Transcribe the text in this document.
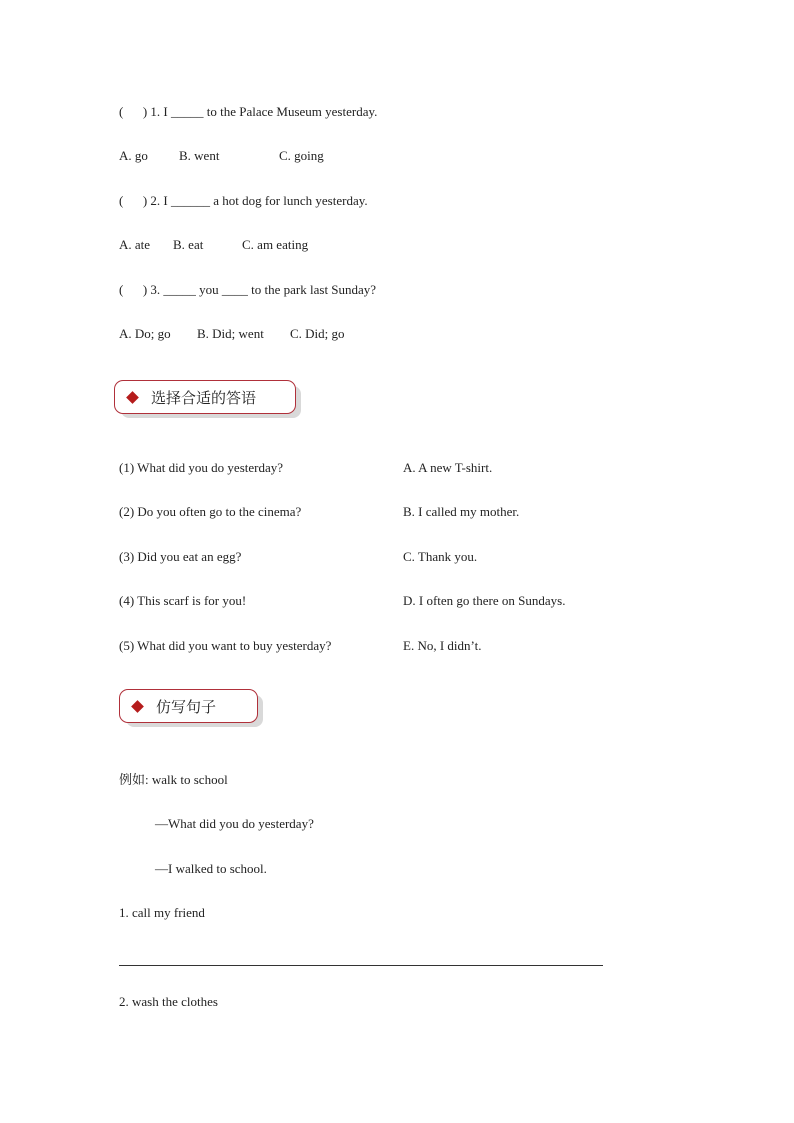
(      ) 1. I _____ to the Palace Museum yesterday.
A. go B. went	C. going
(      ) 2. I ______ a hot dog for lunch yesterday.
A. ate B. eat	C. am eating
(      ) 3. _____ you ____ to the park last Sunday?
A. Do; go B. Did; went C. Did; go
选择合适的答语
(1) What did you do yesterday?	A. A new T-shirt.
(2) Do you often go to the cinema?	B. I called my mother.
(3) Did you eat an egg?	C. Thank you.
(4) This scarf is for you!	D. I often go there on Sundays.
(5) What did you want to buy yesterday?	E. No, I didn’t.
仿写句子
例如: walk to school
—What did you do yesterday?
—I walked to school.
1. call my friend
2. wash the clothes
